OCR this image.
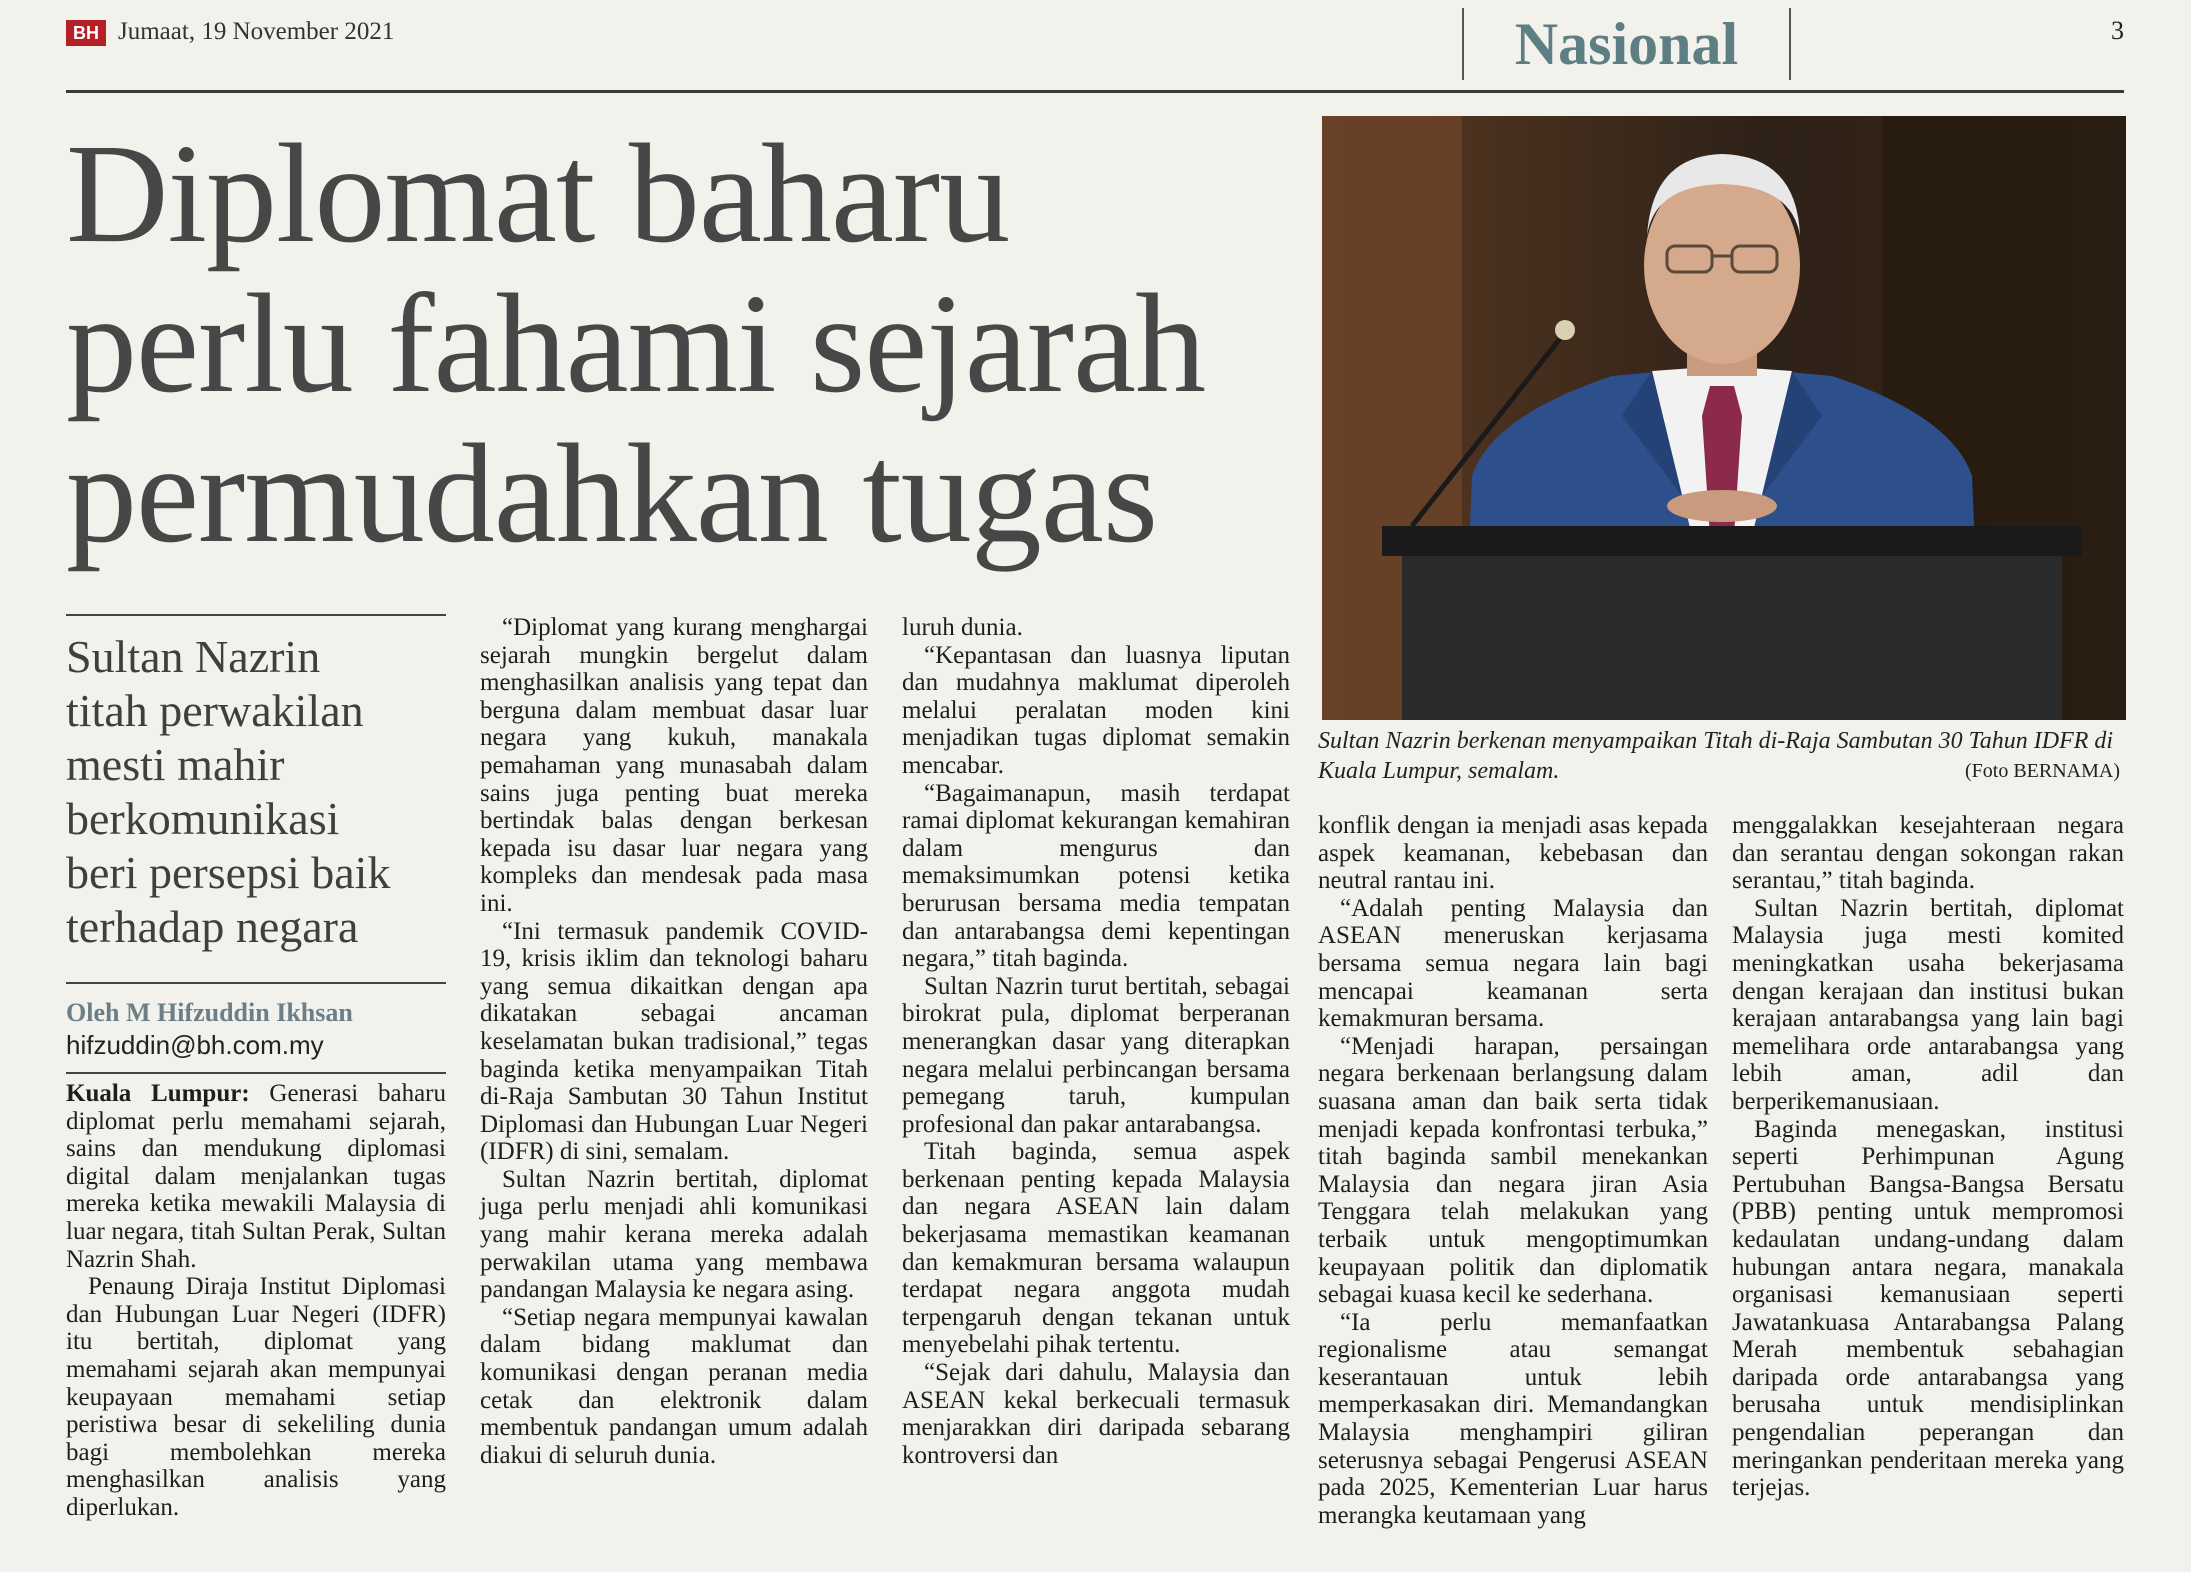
BH Jumaat, 19 November 2021	Nasional	3
Diplomat baharu
perlu fahami sejarah
permudahkan tugas
Sultan Nazrin berkenan menyampaikan Titah di-Raja Sambutan 30 Tahun IDFR di Kuala Lumpur, semalam.	(Foto BERNAMA)
Sultan Nazrin
titah perwakilan
mesti mahir
berkomunikasi
beri persepsi baik
terhadap negara
Oleh M Hifzuddin Ikhsan
hifzuddin@bh.com.my

Kuala Lumpur: Generasi baharu diplomat perlu memahami sejarah, sains dan mendukung diplomasi digital dalam menjalankan tugas mereka ketika mewakili Malaysia di luar negara, titah Sultan Perak, Sultan Nazrin Shah.

Penaung Diraja Institut Diplomasi dan Hubungan Luar Negeri (IDFR) itu bertitah, diplomat yang memahami sejarah akan mempunyai keupayaan memahami setiap peristiwa besar di sekeliling dunia bagi membolehkan mereka menghasilkan analisis yang diperlukan.

“Diplomat yang kurang menghargai sejarah mungkin bergelut dalam menghasilkan analisis yang tepat dan berguna dalam membuat dasar luar negara yang kukuh, manakala pemahaman yang munasabah dalam sains juga penting buat mereka bertindak balas dengan berkesan kepada isu dasar luar negara yang kompleks dan mendesak pada masa ini.

“Ini termasuk pandemik COVID-19, krisis iklim dan teknologi baharu yang semua dikaitkan dengan apa dikatakan sebagai ancaman keselamatan bukan tradisional,” tegas baginda ketika menyampaikan Titah di-Raja Sambutan 30 Tahun Institut Diplomasi dan Hubungan Luar Negeri (IDFR) di sini, semalam.

Sultan Nazrin bertitah, diplomat juga perlu menjadi ahli komunikasi yang mahir kerana mereka adalah perwakilan utama yang membawa pandangan Malaysia ke negara asing.

“Setiap negara mempunyai kawalan dalam bidang maklumat dan komunikasi dengan peranan media cetak dan elektronik dalam membentuk pandangan umum adalah diakui di seluruh dunia.

luruh dunia.

“Kepantasan dan luasnya liputan dan mudahnya maklumat diperoleh melalui peralatan moden kini menjadikan tugas diplomat semakin mencabar.

“Bagaimanapun, masih terdapat ramai diplomat kekurangan kemahiran dalam mengurus dan memaksimumkan potensi ketika berurusan bersama media tempatan dan antarabangsa demi kepentingan negara,” titah baginda.

Sultan Nazrin turut bertitah, sebagai birokrat pula, diplomat berperanan menerangkan dasar yang diterapkan negara melalui perbincangan bersama pemegang taruh, kumpulan profesional dan pakar antarabangsa.

Titah baginda, semua aspek berkenaan penting kepada Malaysia dan negara ASEAN lain dalam bekerjasama memastikan keamanan dan kemakmuran bersama walaupun terdapat negara anggota mudah terpengaruh dengan tekanan untuk menyebelahi pihak tertentu.

“Sejak dari dahulu, Malaysia dan ASEAN kekal berkecuali termasuk menjarakkan diri daripada sebarang kontroversi dan

konflik dengan ia menjadi asas kepada aspek keamanan, kebebasan dan neutral rantau ini.

“Adalah penting Malaysia dan ASEAN meneruskan kerjasama bersama semua negara lain bagi mencapai keamanan serta kemakmuran bersama.

“Menjadi harapan, persaingan negara berkenaan berlangsung dalam suasana aman dan baik serta tidak menjadi kepada konfrontasi terbuka,” titah baginda sambil menekankan Malaysia dan negara jiran Asia Tenggara telah melakukan yang terbaik untuk mengoptimumkan keupayaan politik dan diplomatik sebagai kuasa kecil ke sederhana.

“Ia perlu memanfaatkan regionalisme atau semangat keserantauan untuk lebih memperkasakan diri. Memandangkan Malaysia menghampiri giliran seterusnya sebagai Pengerusi ASEAN pada 2025, Kementerian Luar harus merangka keutamaan yang

menggalakkan kesejahteraan negara dan serantau dengan sokongan rakan serantau,” titah baginda.

Sultan Nazrin bertitah, diplomat Malaysia juga mesti komited meningkatkan usaha bekerjasama dengan kerajaan dan institusi bukan kerajaan antarabangsa yang lain bagi memelihara orde antarabangsa yang lebih aman, adil dan berperikemanusiaan.

Baginda menegaskan, institusi seperti Perhimpunan Agung Pertubuhan Bangsa-Bangsa Bersatu (PBB) penting untuk mempromosi kedaulatan undang-undang dalam hubungan antara negara, manakala organisasi kemanusiaan seperti Jawatankuasa Antarabangsa Palang Merah membentuk sebahagian daripada orde antarabangsa yang berusaha untuk mendisiplinkan pengendalian peperangan dan meringankan penderitaan mereka yang terjejas.
